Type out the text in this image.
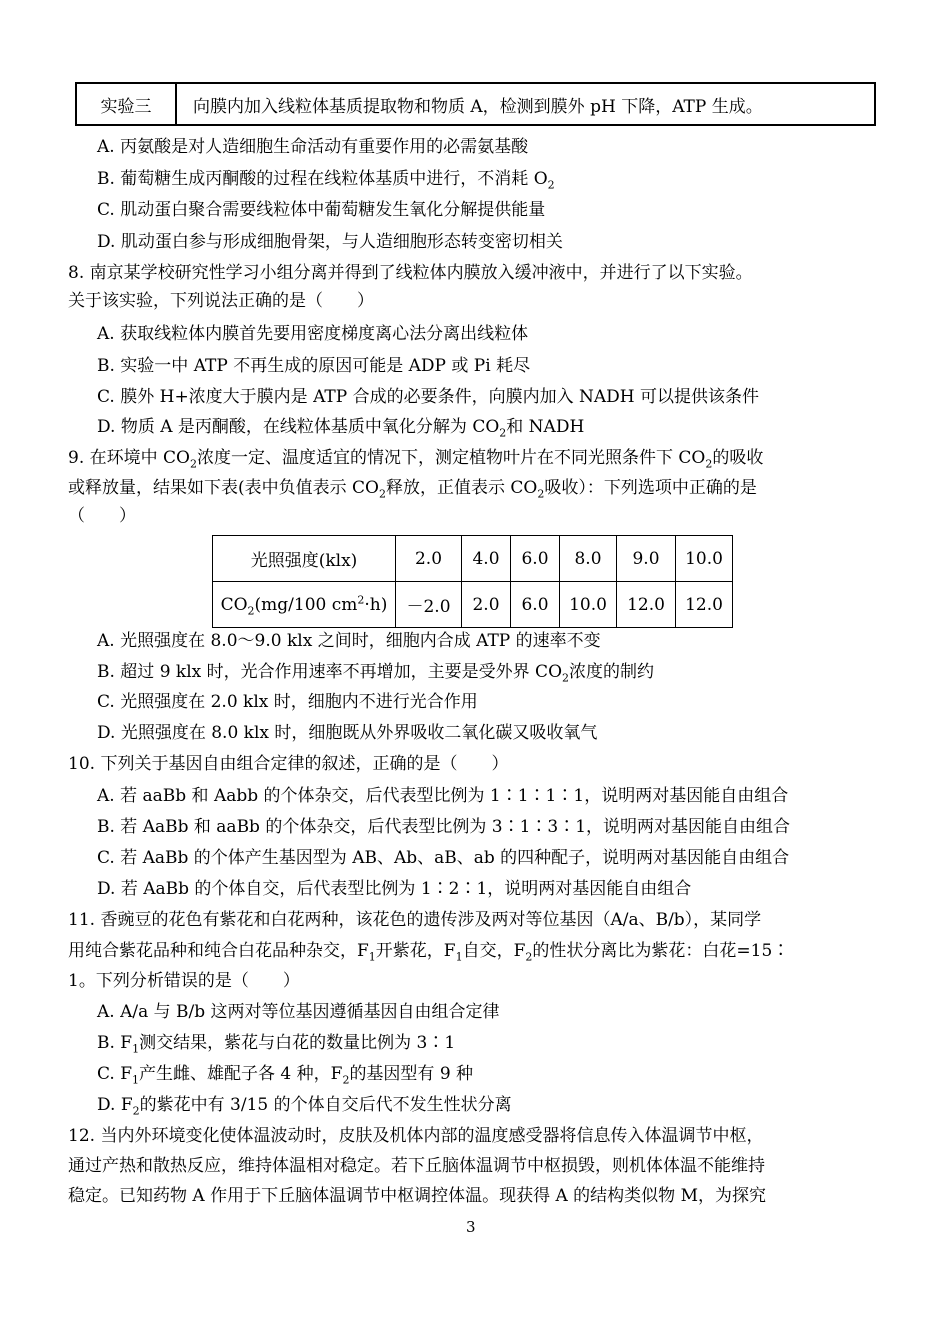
实验三	向膜内加入线粒体基质提取物和物质 A，检测到膜外 pH 下降，ATP 生成。
A. 丙氨酸是对人造细胞生命活动有重要作用的必需氨基酸
B. 葡萄糖生成丙酮酸的过程在线粒体基质中进行，不消耗 $O_2$
C. 肌动蛋白聚合需要线粒体中葡萄糖发生氧化分解提供能量
D. 肌动蛋白参与形成细胞骨架，与人造细胞形态转变密切相关
8. 南京某学校研究性学习小组分离并得到了线粒体内膜放入缓冲液中，并进行了以下实验。
关于该实验，下列说法正确的是（　　）
A. 获取线粒体内膜首先要用密度梯度离心法分离出线粒体
B. 实验一中 ATP 不再生成的原因可能是 ADP 或 Pi 耗尽
C. 膜外 H+浓度大于膜内是 ATP 合成的必要条件，向膜内加入 NADH 可以提供该条件
D. 物质 A 是丙酮酸，在线粒体基质中氧化分解为 $CO_2$和 NADH
9. 在环境中 $CO_2$浓度一定、温度适宜的情况下，测定植物叶片在不同光照条件下 $CO_2$的吸收
或释放量，结果如下表(表中负值表示 $CO_2$释放，正值表示 $CO_2$吸收）：下列选项中正确的是
（　　）
光照强度(klx)	2.0	4.0	6.0	8.0	9.0	10.0
$CO_2(mg/100$ $cm^2\cdot h$)	－2.0	2.0	6.0	10.0	12.0	12.0
A. 光照强度在 8.0～9.0 klx 之间时，细胞内合成 ATP 的速率不变
B. 超过 9 klx 时，光合作用速率不再增加，主要是受外界 $CO_2$浓度的制约
C. 光照强度在 2.0 klx 时，细胞内不进行光合作用
D. 光照强度在 8.0 klx 时，细胞既从外界吸收二氧化碳又吸收氧气
10. 下列关于基因自由组合定律的叙述，正确的是（　　）
A. 若 aaBb 和 Aabb 的个体杂交，后代表型比例为 1∶1∶1∶1，说明两对基因能自由组合
B. 若 AaBb 和 aaBb 的个体杂交，后代表型比例为 3∶1∶3∶1，说明两对基因能自由组合
C. 若 AaBb 的个体产生基因型为 AB、Ab、aB、ab 的四种配子，说明两对基因能自由组合
D. 若 AaBb 的个体自交，后代表型比例为 1∶2∶1，说明两对基因能自由组合
11. 香豌豆的花色有紫花和白花两种，该花色的遗传涉及两对等位基因（A/a、B/b），某同学
用纯合紫花品种和纯合白花品种杂交，$F_1$开紫花，$F_1$自交，$F_2$的性状分离比为紫花：白花=15∶
1。下列分析错误的是（　　）
A. A/a 与 B/b 这两对等位基因遵循基因自由组合定律
B. $F_1$测交结果，紫花与白花的数量比例为 3∶1
C. $F_1$产生雌、雄配子各 4 种，$F_2$的基因型有 9 种
D. $F_2$的紫花中有 3/15 的个体自交后代不发生性状分离
12. 当内外环境变化使体温波动时，皮肤及机体内部的温度感受器将信息传入体温调节中枢，
通过产热和散热反应，维持体温相对稳定。若下丘脑体温调节中枢损毁，则机体体温不能维持
稳定。已知药物 A 作用于下丘脑体温调节中枢调控体温。现获得 A 的结构类似物 M，为探究
3
